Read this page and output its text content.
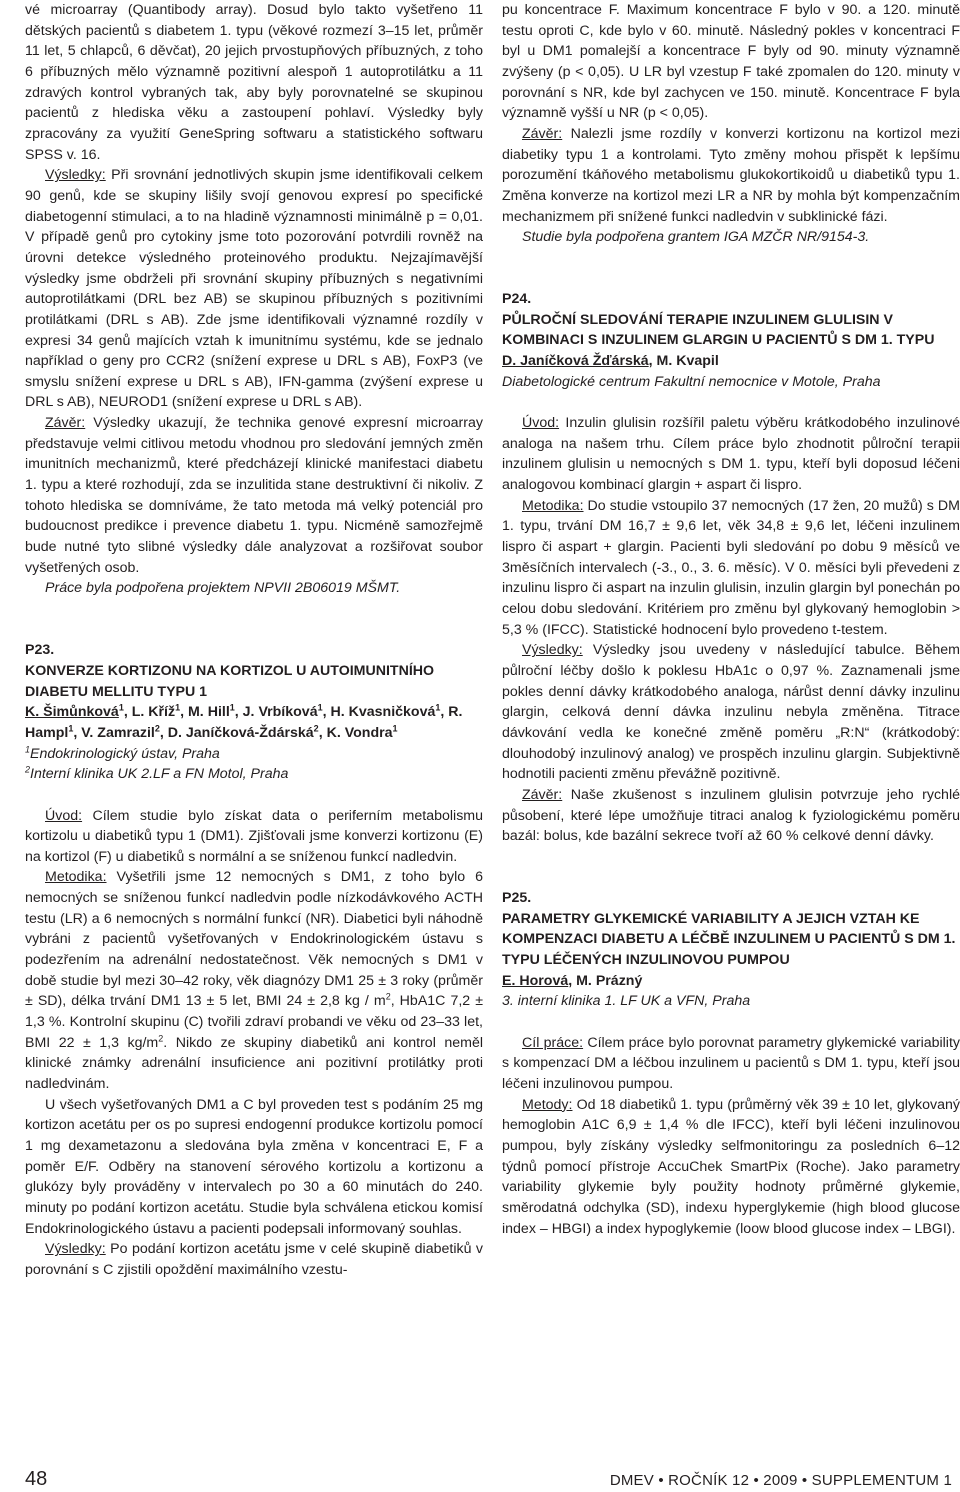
vé microarray (Quantibody array). Dosud bylo takto vyšetřeno 11 dětských pacientů s diabetem 1. typu (věkové rozmezí 3–15 let, průměr 11 let, 5 chlapců, 6 děvčat), 20 jejich prvostupňových příbuzných, z toho 6 příbuzných mělo významně pozitivní alespoň 1 autoprotilátku a 11 zdravých kontrol vybraných tak, aby byly porovnatelné se skupinou pacientů z hlediska věku a zastoupení pohlaví. Výsledky byly zpracovány za využití GeneSpring softwaru a statistického softwaru SPSS v. 16.

Výsledky: Při srovnání jednotlivých skupin jsme identifikovali celkem 90 genů, kde se skupiny lišily svojí genovou expresí po specifické diabetogenní stimulaci, a to na hladině významnosti minimálně p = 0,01. V případě genů pro cytokiny jsme toto pozorování potvrdili rovněž na úrovni detekce výsledného proteinového produktu. Nejzajímavější výsledky jsme obdrželi při srovnání skupiny příbuzných s negativními autoprotilátkami (DRL bez AB) se skupinou příbuzných s pozitivními protilátkami (DRL s AB). Zde jsme identifikovali významné rozdíly v expresi 34 genů majících vztah k imunitnímu systému, kde se jednalo například o geny pro CCR2 (snížení exprese u DRL s AB), FoxP3 (ve smyslu snížení exprese u DRL s AB), IFN-gamma (zvýšení exprese u DRL s AB), NEUROD1 (snížení exprese u DRL s AB).

Závěr: Výsledky ukazují, že technika genové expresní microarray představuje velmi citlivou metodu vhodnou pro sledování jemných změn imunitních mechanizmů, které předcházejí klinické manifestaci diabetu 1. typu a které rozhodují, zda se inzulitida stane destruktivní či nikoliv. Z tohoto hlediska se domníváme, že tato metoda má velký potenciál pro budoucnost predikce i prevence diabetu 1. typu. Nicméně samozřejmě bude nutné tyto slibné výsledky dále analyzovat a rozšiřovat soubor vyšetřených osob.

Práce byla podpořena projektem NPVII 2B06019 MŠMT.

P23.

KONVERZE KORTIZONU NA KORTIZOL U AUTOIMUNITNÍHO DIABETU MELLITU TYPU 1

K. Šimůnková$^1$, L. Kříž$^1$, M. Hill$^1$, J. Vrbíková$^1$, H. Kvasničková$^1$, R. Hampl$^1$, V. Zamrazil$^2$, D. Janíčková-Ždárská$^2$, K. Vondra$^1$

$^1$Endokrinologický ústav, Praha

$^2$Interní klinika UK 2.LF a FN Motol, Praha

Úvod: Cílem studie bylo získat data o periferním metabolismu kortizolu u diabetiků typu 1 (DM1). Zjišťovali jsme konverzi kortizonu (E) na kortizol (F) u diabetiků s normální a se sníženou funkcí nadledvin.

Metodika: Vyšetřili jsme 12 nemocných s DM1, z toho bylo 6 nemocných se sníženou funkcí nadledvin podle nízkodávkového ACTH testu (LR) a 6 nemocných s normální funkcí (NR). Diabetici byli náhodně vybráni z pacientů vyšetřovaných v Endokrinologickém ústavu s podezřením na adrenální nedostatečnost. Věk nemocných s DM1 v době studie byl mezi 30–42 roky, věk diagnózy DM1 25 ± 3 roky (průměr ± SD), délka trvání DM1 13 ± 5 let, BMI 24 ± 2,8 kg / $m^2$, HbA1C 7,2 ± 1,3 %. Kontrolní skupinu (C) tvořili zdraví probandi ve věku od 23–33 let, BMI 22 ± 1,3 $kg/m^2$. Nikdo ze skupiny diabetiků ani kontrol neměl klinické známky adrenální insuficience ani pozitivní protilátky proti nadledvinám.

U všech vyšetřovaných DM1 a C byl proveden test s podáním 25 mg kortizon acetátu per os po supresi endogenní produkce kortizolu pomocí 1 mg dexametazonu a sledována byla změna v koncentraci E, F a poměr E/F. Odběry na stanovení sérového kortizolu a kortizonu a glukózy byly prováděny v intervalech po 30 a 60 minutách do 240. minuty po podání kortizon acetátu. Studie byla schválena etickou komisí Endokrinologického ústavu a pacienti podepsali informovaný souhlas.

Výsledky: Po podání kortizon acetátu jsme v celé skupině diabetiků v porovnání s C zjistili opoždění maximálního vzestu-

pu koncentrace F. Maximum koncentrace F bylo v 90. a 120. minutě testu oproti C, kde bylo v 60. minutě. Následný pokles v koncentraci F byl u DM1 pomalejší a koncentrace F byly od 90. minuty významně zvýšeny (p < 0,05). U LR byl vzestup F také zpomalen do 120. minuty v porovnání s NR, kde byl zachycen ve 150. minutě. Koncentrace F byla významně vyšší u NR (p < 0,05).

Závěr: Nalezli jsme rozdíly v konverzi kortizonu na kortizol mezi diabetiky typu 1 a kontrolami. Tyto změny mohou přispět k lepšímu porozumění tkáňového metabolismu glukokortikoidů u diabetiků typu 1. Změna konverze na kortizol mezi LR a NR by mohla být kompenzačním mechanizmem při snížené funkci nadledvin v subklinické fázi.

Studie byla podpořena grantem IGA MZČR NR/9154-3.

P24.

PŮLROČNÍ SLEDOVÁNÍ TERAPIE INZULINEM GLULISIN V KOMBINACI S INZULINEM GLARGIN U PACIENTŮ S DM 1. TYPU

D. Janíčková Žďárská, M. Kvapil

Diabetologické centrum Fakultní nemocnice v Motole, Praha

Úvod: Inzulin glulisin rozšířil paletu výběru krátkodobého inzulinové analoga na našem trhu. Cílem práce bylo zhodnotit půlroční terapii inzulinem glulisin u nemocných s DM 1. typu, kteří byli doposud léčeni analogovou kombinací glargin + aspart či lispro.

Metodika: Do studie vstoupilo 37 nemocných (17 žen, 20 mužů) s DM 1. typu, trvání DM 16,7 ± 9,6 let, věk 34,8 ± 9,6 let, léčeni inzulinem lispro či aspart + glargin. Pacienti byli sledování po dobu 9 měsíců ve 3měsíčních intervalech (-3., 0., 3. 6. měsíc). V 0. měsíci byli převedeni z inzulinu lispro či aspart na inzulin glulisin, inzulin glargin byl ponechán po celou dobu sledování. Kritériem pro změnu byl glykovaný hemoglobin > 5,3 % (IFCC). Statistické hodnocení bylo provedeno t-testem.

Výsledky: Výsledky jsou uvedeny v následující tabulce. Během půlroční léčby došlo k poklesu HbA1c o 0,97 %. Zaznamenali jsme pokles denní dávky krátkodobého analoga, nárůst denní dávky inzulinu glargin, celková denní dávka inzulinu nebyla změněna. Titrace dávkování vedla ke konečné změně poměru „R:N“ (krátkodobý: dlouhodobý inzulinový analog) ve prospěch inzulinu glargin. Subjektivně hodnotili pacienti změnu převážně pozitivně.

Závěr: Naše zkušenost s inzulinem glulisin potvrzuje jeho rychlé působení, které lépe umožňuje titraci analog k fyziologickému poměru bazál: bolus, kde bazální sekrece tvoří až 60 % celkové denní dávky.

P25.

PARAMETRY GLYKEMICKÉ VARIABILITY A JEJICH VZTAH KE KOMPENZACI DIABETU A LÉČBĚ INZULINEM U PACIENTŮ S DM 1. TYPU LÉČENÝCH INZULINOVOU PUMPOU

E. Horová, M. Prázný

3. interní klinika 1. LF UK a VFN, Praha

Cíl práce: Cílem práce bylo porovnat parametry glykemické variability s kompenzací DM a léčbou inzulinem u pacientů s DM 1. typu, kteří jsou léčeni inzulinovou pumpou.

Metody: Od 18 diabetiků 1. typu (průměrný věk 39 ± 10 let, glykovaný hemoglobin A1C 6,9 ± 1,4 % dle IFCC), kteří byli léčeni inzulinovou pumpou, byly získány výsledky selfmonitoringu za posledních 6–12 týdnů pomocí přístroje AccuChek SmartPix (Roche). Jako parametry variability glykemie byly použity hodnoty průměrné glykemie, směrodatná odchylka (SD), indexu hyperglykemie (high blood glucose index – HBGI) a index hypoglykemie (loow blood glucose index – LBGI).

48	DMEV • ROČNÍK 12 • 2009 • SUPPLEMENTUM 1
